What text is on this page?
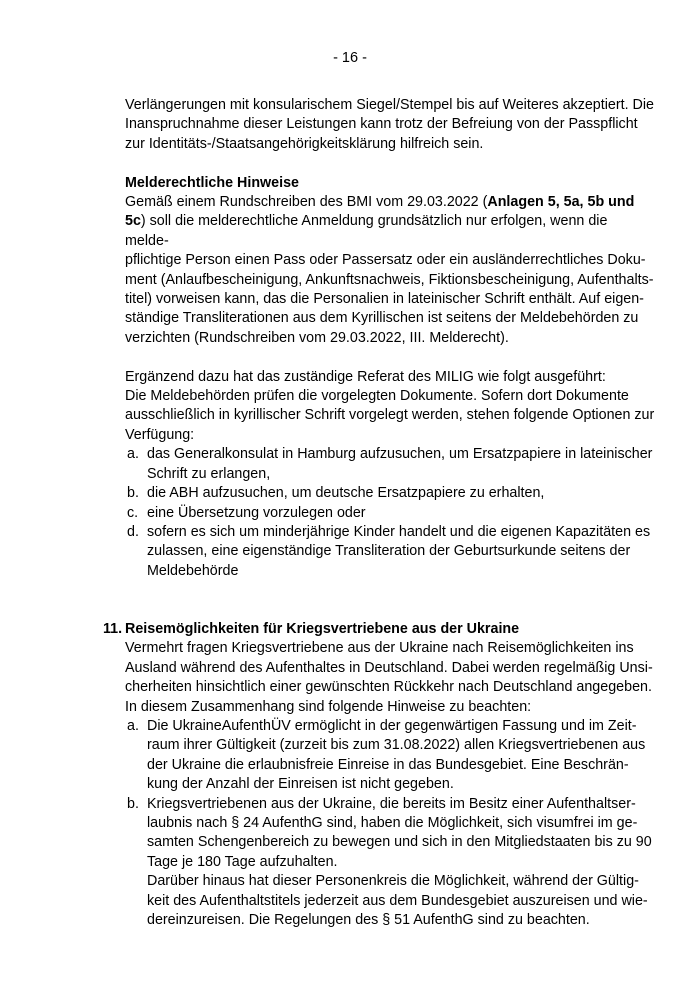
- 16 -

Verlängerungen mit konsularischem Siegel/Stempel bis auf Weiteres akzeptiert. Die

Inanspruchnahme dieser Leistungen kann trotz der Befreiung von der Passpflicht

zur Identitäts-/Staatsangehörigkeitsklärung hilfreich sein.

Melderechtliche Hinweise

Gemäß einem Rundschreiben des BMI vom 29.03.2022 (Anlagen 5, 5a, 5b und

5c) soll die melderechtliche Anmeldung grundsätzlich nur erfolgen, wenn die melde-

pflichtige Person einen Pass oder Passersatz oder ein ausländerrechtliches Doku-

ment (Anlaufbescheinigung, Ankunftsnachweis, Fiktionsbescheinigung, Aufenthalts-

titel) vorweisen kann, das die Personalien in lateinischer Schrift enthält. Auf eigen-

ständige Transliterationen aus dem Kyrillischen ist seitens der Meldebehörden zu

verzichten (Rundschreiben vom 29.03.2022, III. Melderecht).

Ergänzend dazu hat das zuständige Referat des MILIG wie folgt ausgeführt:

Die Meldebehörden prüfen die vorgelegten Dokumente. Sofern dort Dokumente

ausschließlich in kyrillischer Schrift vorgelegt werden, stehen folgende Optionen zur

Verfügung:

a. das Generalkonsulat in Hamburg aufzusuchen, um Ersatzpapiere in lateinischer

Schrift zu erlangen,

b. die ABH aufzusuchen, um deutsche Ersatzpapiere zu erhalten,

c. eine Übersetzung vorzulegen oder

d. sofern es sich um minderjährige Kinder handelt und die eigenen Kapazitäten es

zulassen, eine eigenständige Transliteration der Geburtsurkunde seitens der

Meldebehörde

11. Reisemöglichkeiten für Kriegsvertriebene aus der Ukraine

Vermehrt fragen Kriegsvertriebene aus der Ukraine nach Reisemöglichkeiten ins

Ausland während des Aufenthaltes in Deutschland. Dabei werden regelmäßig Unsi-

cherheiten hinsichtlich einer gewünschten Rückkehr nach Deutschland angegeben.

In diesem Zusammenhang sind folgende Hinweise zu beachten:

a. Die UkraineAufenthÜV ermöglicht in der gegenwärtigen Fassung und im Zeit-

raum ihrer Gültigkeit (zurzeit bis zum 31.08.2022) allen Kriegsvertriebenen aus

der Ukraine die erlaubnisfreie Einreise in das Bundesgebiet. Eine Beschrän-

kung der Anzahl der Einreisen ist nicht gegeben.

b. Kriegsvertriebenen aus der Ukraine, die bereits im Besitz einer Aufenthaltser-

laubnis nach § 24 AufenthG sind, haben die Möglichkeit, sich visumfrei im ge-

samten Schengenbereich zu bewegen und sich in den Mitgliedstaaten bis zu 90

Tage je 180 Tage aufzuhalten.

Darüber hinaus hat dieser Personenkreis die Möglichkeit, während der Gültig-

keit des Aufenthaltstitels jederzeit aus dem Bundesgebiet auszureisen und wie-

dereinzureisen. Die Regelungen des § 51 AufenthG sind zu beachten.
